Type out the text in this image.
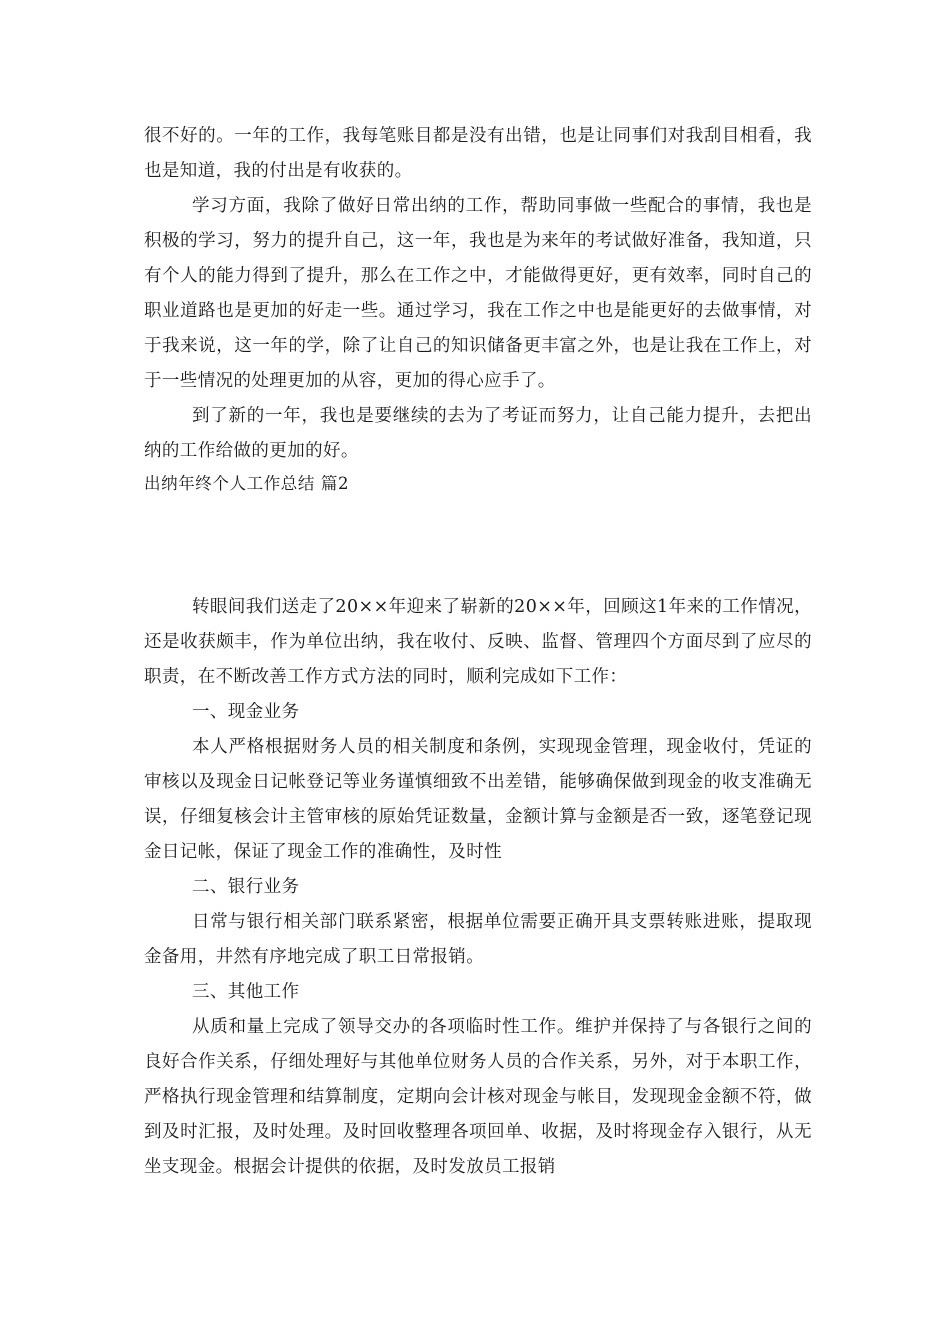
很不好的。一年的工作，我每笔账目都是没有出错，也是让同事们对我刮目相看，我也是知道，我的付出是有收获的。

学习方面，我除了做好日常出纳的工作，帮助同事做一些配合的事情，我也是积极的学习，努力的提升自己，这一年，我也是为来年的考试做好准备，我知道，只有个人的能力得到了提升，那么在工作之中，才能做得更好，更有效率，同时自己的职业道路也是更加的好走一些。通过学习，我在工作之中也是能更好的去做事情，对于我来说，这一年的学，除了让自己的知识储备更丰富之外，也是让我在工作上，对于一些情况的处理更加的从容，更加的得心应手了。

到了新的一年，我也是要继续的去为了考证而努力，让自己能力提升，去把出纳的工作给做的更加的好。

出纳年终个人工作总结 篇2

转眼间我们送走了20××年迎来了崭新的20××年，回顾这1年来的工作情况，还是收获颇丰，作为单位出纳，我在收付、反映、监督、管理四个方面尽到了应尽的职责，在不断改善工作方式方法的同时，顺利完成如下工作：

一、现金业务

本人严格根据财务人员的相关制度和条例，实现现金管理，现金收付，凭证的审核以及现金日记帐登记等业务谨慎细致不出差错，能够确保做到现金的收支准确无误，仔细复核会计主管审核的原始凭证数量，金额计算与金额是否一致，逐笔登记现金日记帐，保证了现金工作的准确性，及时性

二、银行业务

日常与银行相关部门联系紧密，根据单位需要正确开具支票转账进账，提取现金备用，井然有序地完成了职工日常报销。

三、其他工作

从质和量上完成了领导交办的各项临时性工作。维护并保持了与各银行之间的良好合作关系，仔细处理好与其他单位财务人员的合作关系，另外，对于本职工作，严格执行现金管理和结算制度，定期向会计核对现金与帐目，发现现金金额不符，做到及时汇报，及时处理。及时回收整理各项回单、收据，及时将现金存入银行，从无坐支现金。根据会计提供的依据，及时发放员工报销
